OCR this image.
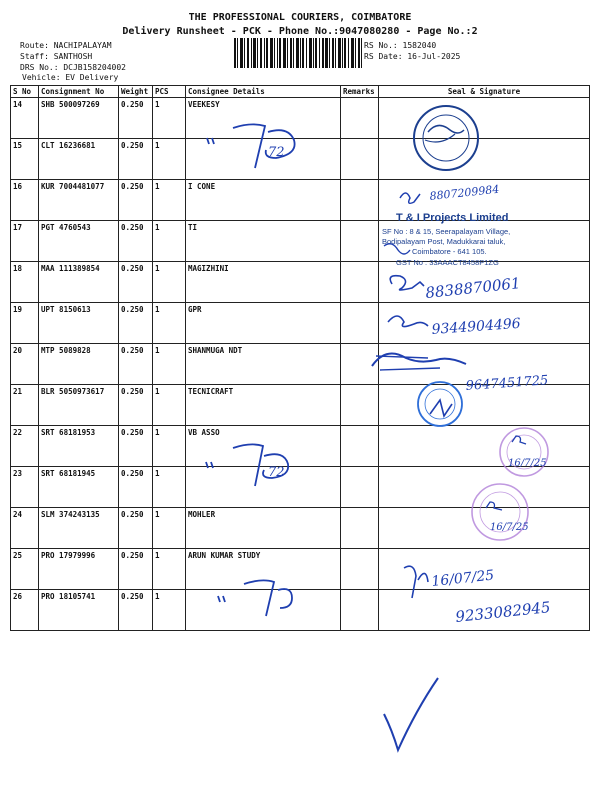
THE PROFESSIONAL COURIERS, COIMBATORE
Delivery Runsheet - PCK - Phone No.:9047080280 - Page No.:2
Route: NACHIPALAYAM
Staff: SANTHOSH
DRS No.: DCJB158204002
Vehicle: EV Delivery
RS No.: 1582040
RS Date: 16-Jul-2025
S No	Consignment No	Weight	PCS	Consignee Details	Remarks	Seal & Signature
14	SHB 500097269	0.250	1	VEEKESY		
15	CLT 16236681	0.250	1			
16	KUR 7004481077	0.250	1	I CONE		
17	PGT 4760543	0.250	1	TI		
18	MAA 111389854	0.250	1	MAGIZHINI		
19	UPT 8150613	0.250	1	GPR		
20	MTP 5089828	0.250	1	SHANMUGA NDT		
21	BLR 5050973617	0.250	1	TECNICRAFT		
22	SRT 68181953	0.250	1	VB ASSO		
23	SRT 68181945	0.250	1			
24	SLM 374243135	0.250	1	MOHLER		
25	PRO 17979996	0.250	1	ARUN KUMAR STUDY		
26	PRO 18105741	0.250	1			
72
8807209984
T & I Projects Limited
SF No : 8 & 15, Seerapalayam Village,
Bodipalayam Post, Madukkarai taluk,
Coimbatore - 641 105.
GST No : 33AAACT8458P1ZG
8838870061
9344904496
9647451725
16/7/25
72
16/7/25
16/07/25
9233082945
